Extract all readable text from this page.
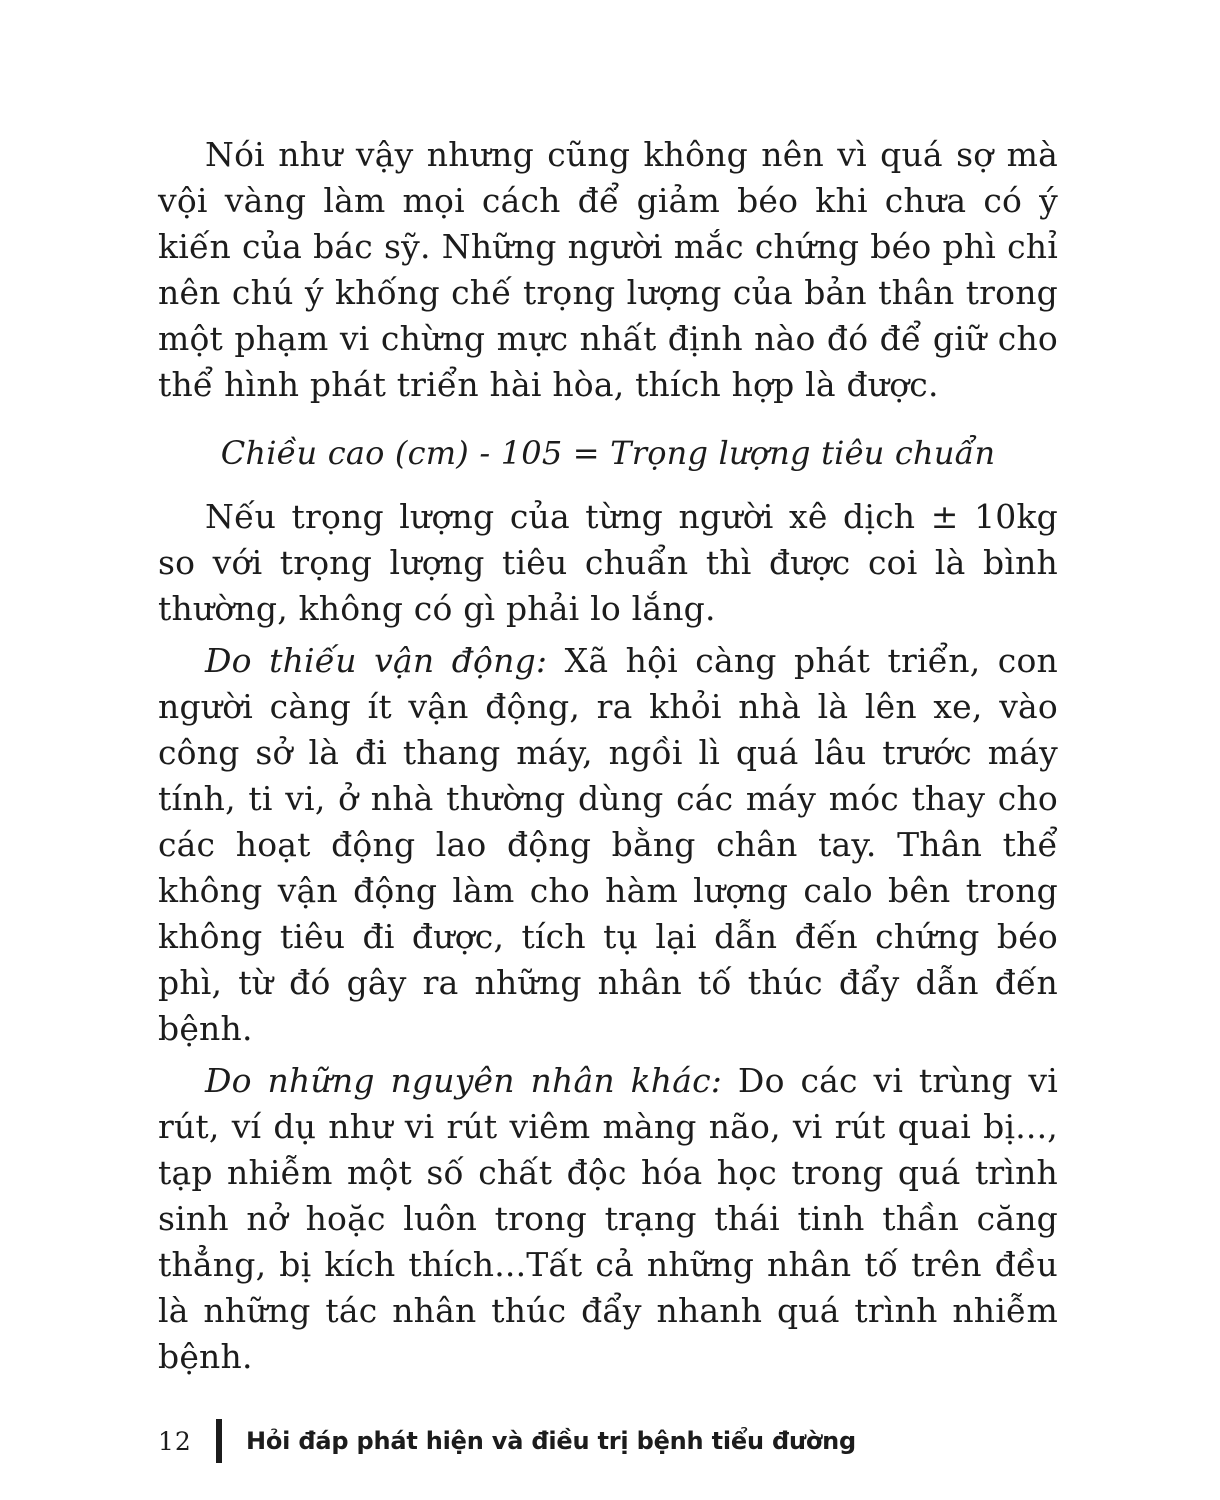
Nói như vậy nhưng cũng không nên vì quá sợ mà vội vàng làm mọi cách để giảm béo khi chưa có ý kiến của bác sỹ. Những người mắc chứng béo phì chỉ nên chú ý khống chế trọng lượng của bản thân trong một phạm vi chừng mực nhất định nào đó để giữ cho thể hình phát triển hài hòa, thích hợp là được.

Chiều cao (cm) - 105 = Trọng lượng tiêu chuẩn

Nếu trọng lượng của từng người xê dịch ± 10kg so với trọng lượng tiêu chuẩn thì được coi là bình thường, không có gì phải lo lắng.

Do thiếu vận động: Xã hội càng phát triển, con người càng ít vận động, ra khỏi nhà là lên xe, vào công sở là đi thang máy, ngồi lì quá lâu trước máy tính, ti vi, ở nhà thường dùng các máy móc thay cho các hoạt động lao động bằng chân tay. Thân thể không vận động làm cho hàm lượng calo bên trong không tiêu đi được, tích tụ lại dẫn đến chứng béo phì, từ đó gây ra những nhân tố thúc đẩy dẫn đến bệnh.

Do những nguyên nhân khác: Do các vi trùng vi rút, ví dụ như vi rút viêm màng não, vi rút quai bị..., tạp nhiễm một số chất độc hóa học trong quá trình sinh nở hoặc luôn trong trạng thái tinh thần căng thẳng, bị kích thích...Tất cả những nhân tố trên đều là những tác nhân thúc đẩy nhanh quá trình nhiễm bệnh.

12	Hỏi đáp phát hiện và điều trị bệnh tiểu đường
